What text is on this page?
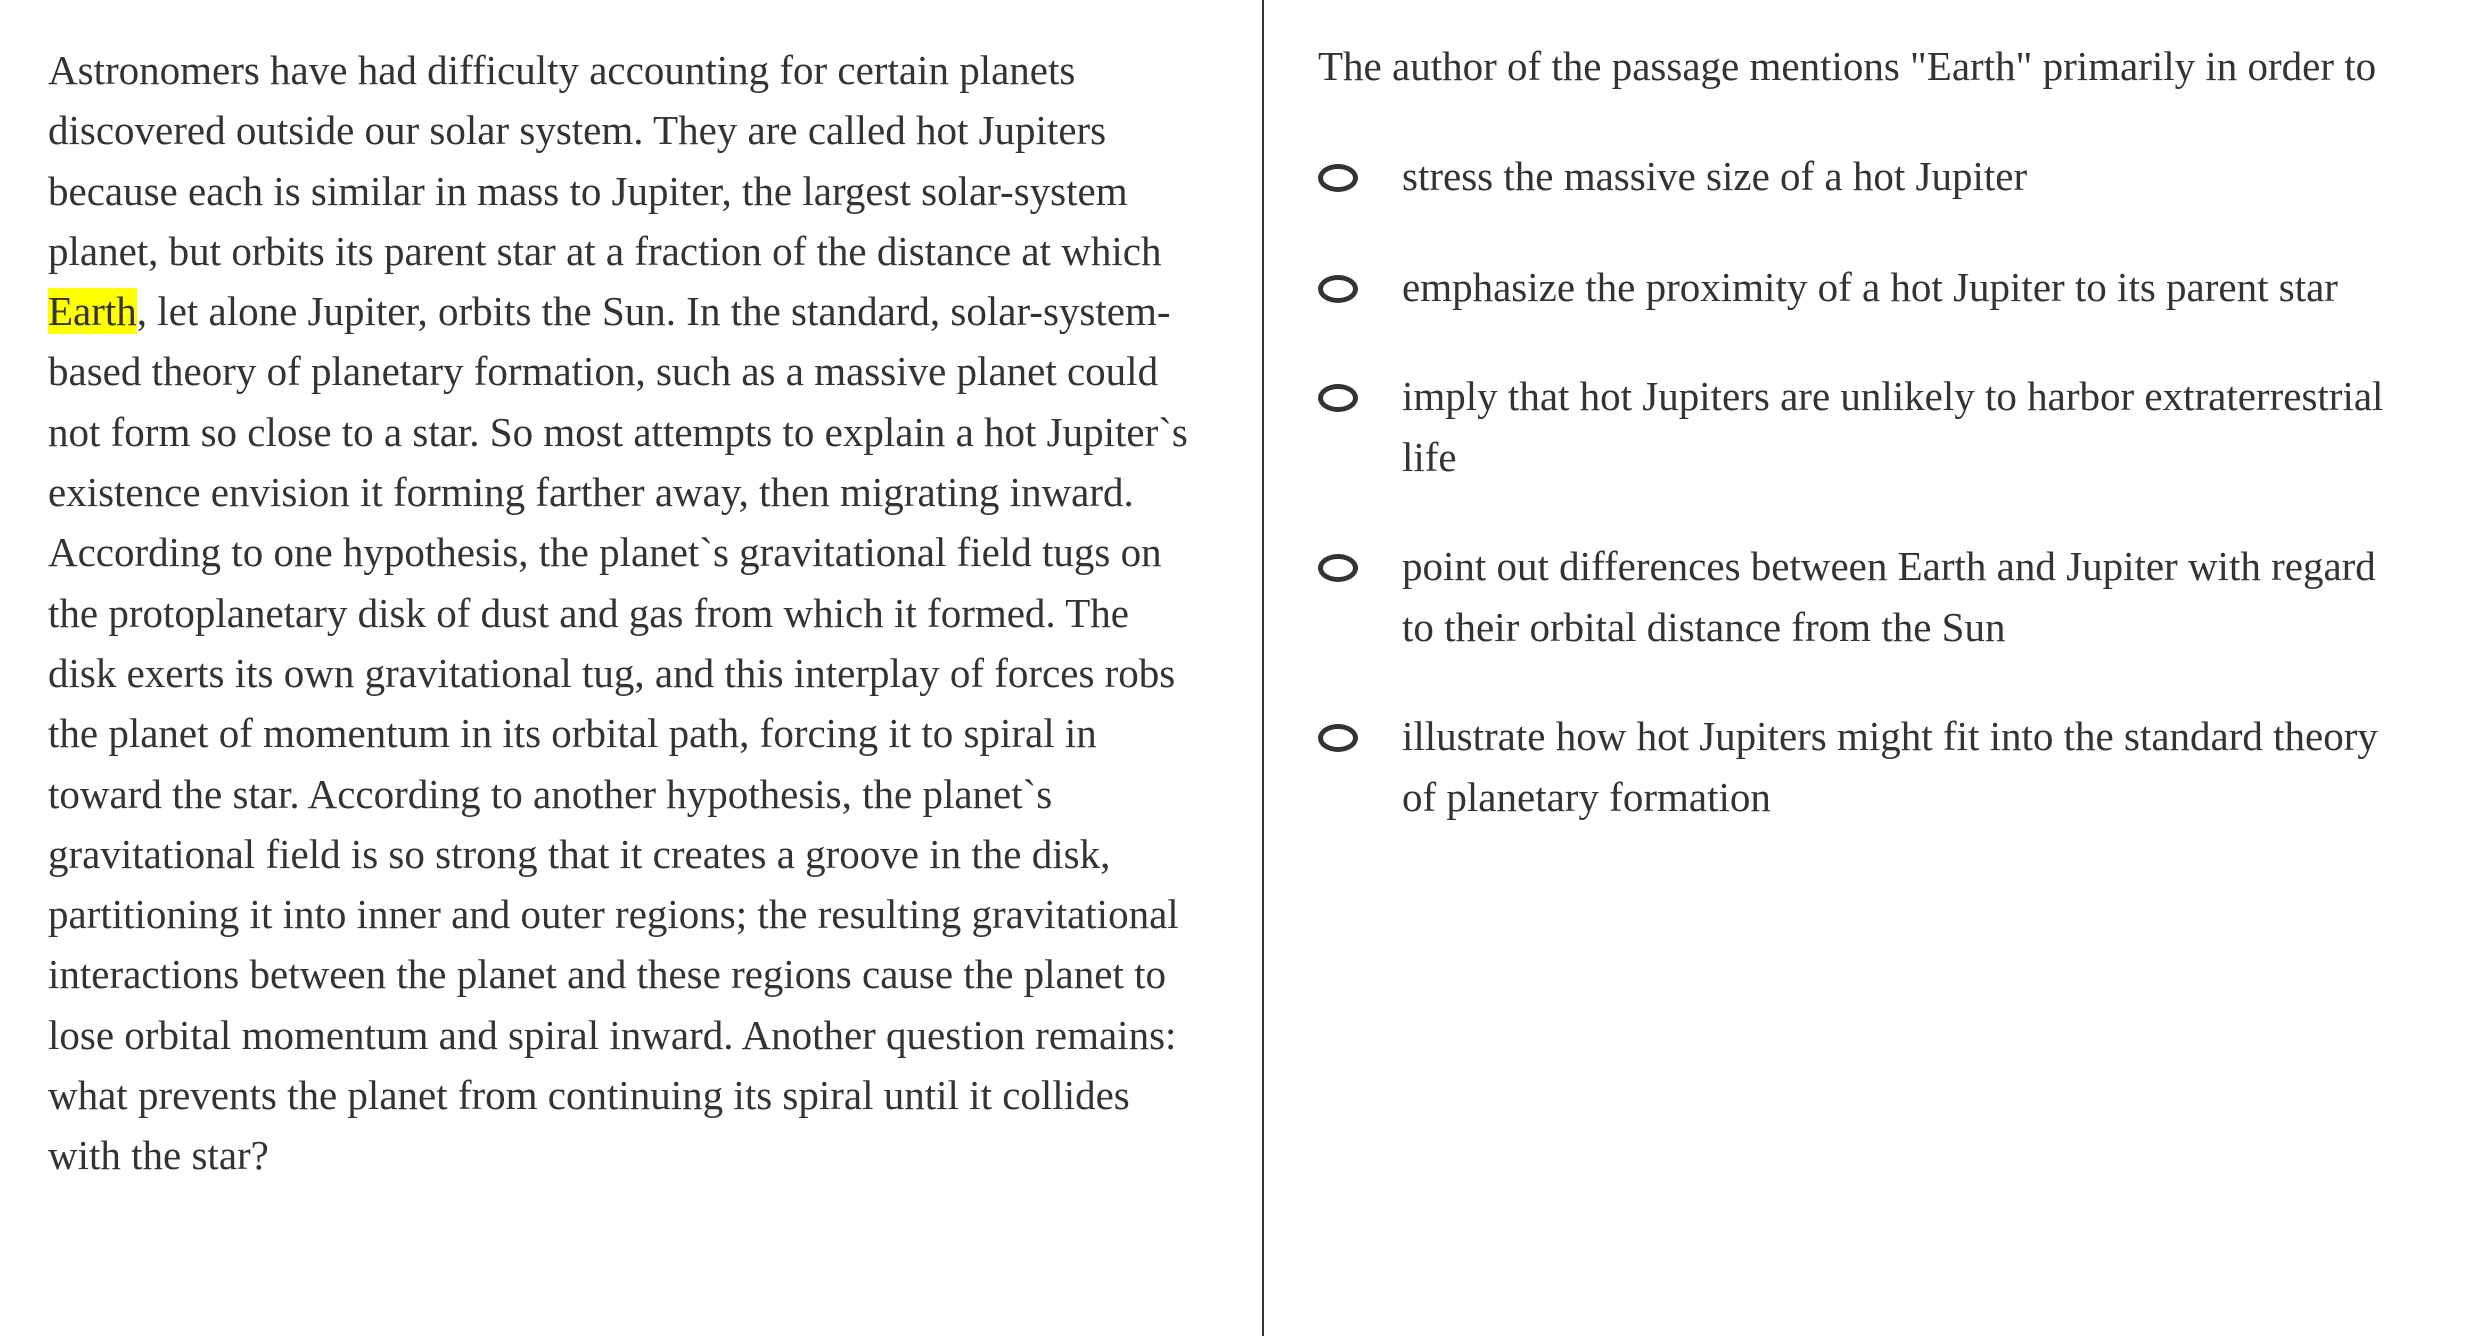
Astronomers have had difficulty accounting for certain planets discovered outside our solar system. They are called hot Jupiters because each is similar in mass to Jupiter, the largest solar-system planet, but orbits its parent star at a fraction of the distance at which Earth, let alone Jupiter, orbits the Sun. In the standard, solar-system-based theory of planetary formation, such as a massive planet could not form so close to a star. So most attempts to explain a hot Jupiter`s existence envision it forming farther away, then migrating inward. According to one hypothesis, the planet`s gravitational field tugs on the protoplanetary disk of dust and gas from which it formed. The disk exerts its own gravitational tug, and this interplay of forces robs the planet of momentum in its orbital path, forcing it to spiral in toward the star. According to another hypothesis, the planet`s gravitational field is so strong that it creates a groove in the disk, partitioning it into inner and outer regions; the resulting gravitational interactions between the planet and these regions cause the planet to lose orbital momentum and spiral inward. Another question remains: what prevents the planet from continuing its spiral until it collides with the star?

The author of the passage mentions "Earth" primarily in order to

stress the massive size of a hot Jupiter
emphasize the proximity of a hot Jupiter to its parent star
imply that hot Jupiters are unlikely to harbor extraterrestrial life
point out differences between Earth and Jupiter with regard to their orbital distance from the Sun
illustrate how hot Jupiters might fit into the standard theory of planetary formation
